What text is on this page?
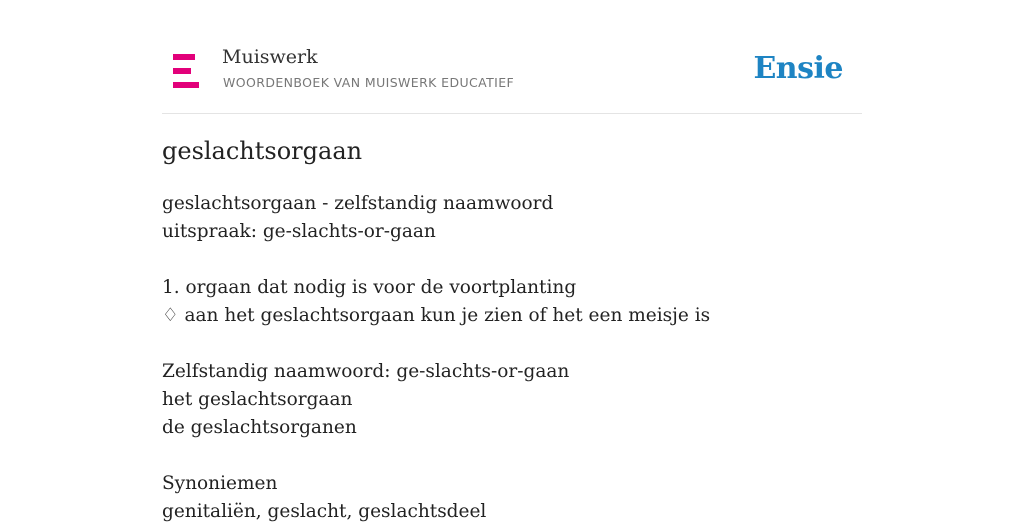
Muiswerk
WOORDENBOEK VAN MUISWERK EDUCATIEF	Ensie
geslachtsorgaan
geslachtsorgaan - zelfstandig naamwoord
uitspraak: ge-slachts-or-gaan
1. orgaan dat nodig is voor de voortplanting
♢ aan het geslachtsorgaan kun je zien of het een meisje is
Zelfstandig naamwoord: ge-slachts-or-gaan
het geslachtsorgaan
de geslachtsorganen
Synoniemen
genitaliën, geslacht, geslachtsdeel
